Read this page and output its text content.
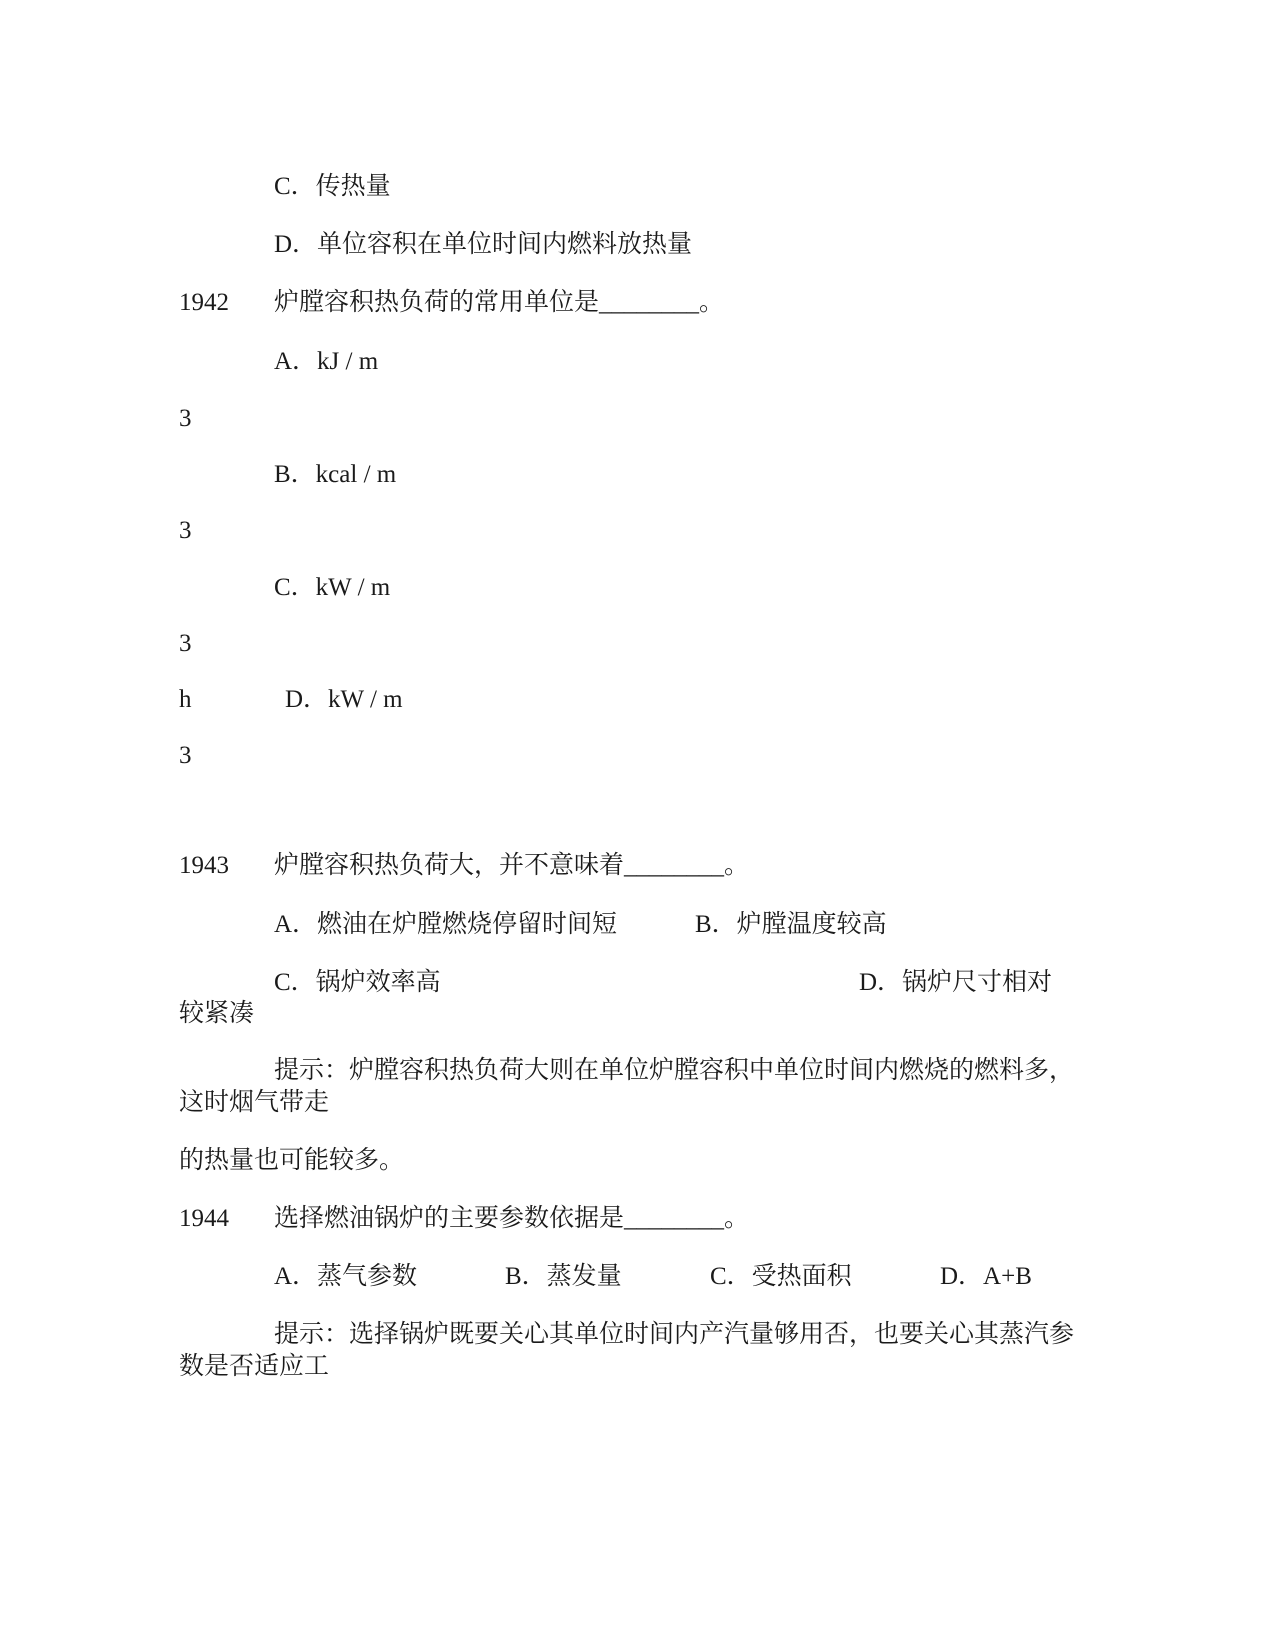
C．传热量
D．单位容积在单位时间内燃料放热量
1942 炉膛容积热负荷的常用单位是________。
A．kJ / m
3
B．kcal / m
3
C．kW / m
3
h	D．kW / m
3
1943 炉膛容积热负荷大，并不意味着________。
A．燃油在炉膛燃烧停留时间短	B．炉膛温度较高
C．锅炉效率高	D．锅炉尺寸相对
较紧凑
提示：炉膛容积热负荷大则在单位炉膛容积中单位时间内燃烧的燃料多，
这时烟气带走
的热量也可能较多。
1944 选择燃油锅炉的主要参数依据是________。
A．蒸气参数	B．蒸发量	C．受热面积	D．A+B
提示：选择锅炉既要关心其单位时间内产汽量够用否，也要关心其蒸汽参
数是否适应工
